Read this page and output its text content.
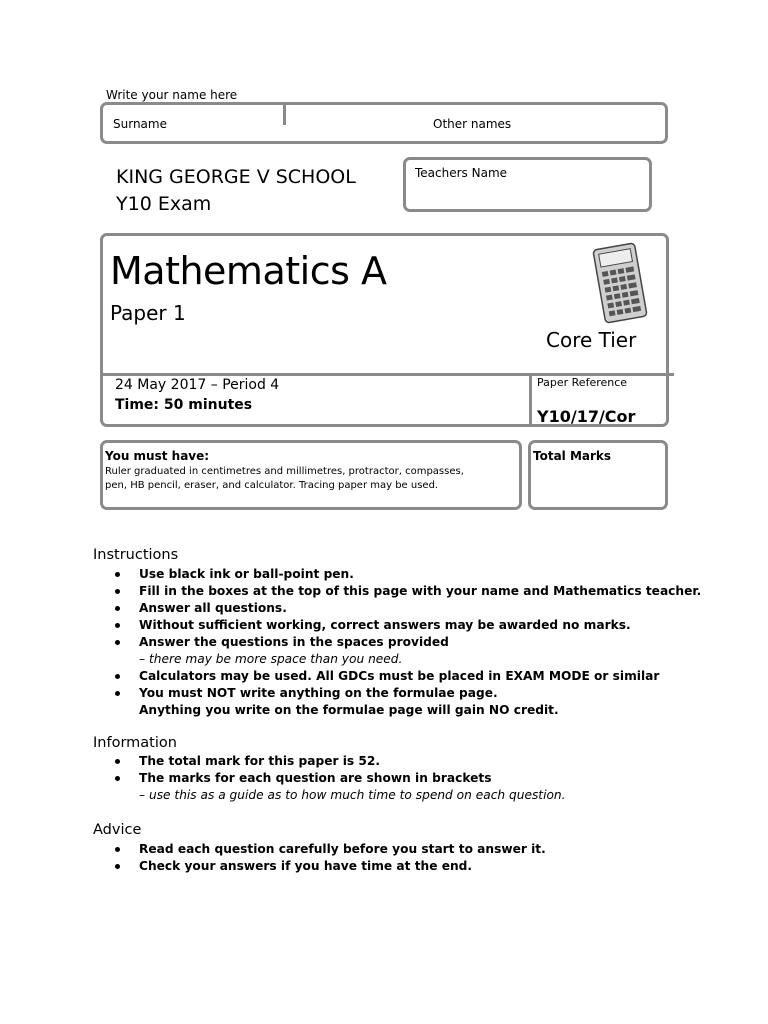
Write your name here
Surname	Other names
KING GEORGE V SCHOOL
Y10 Exam
Teachers Name
Mathematics A
Paper 1
Core Tier
24 May 2017 – Period 4
Time: 50 minutes
Paper Reference
Y10/17/Cor
You must have:
Ruler graduated in centimetres and millimetres, protractor, compasses,
pen, HB pencil, eraser, and calculator. Tracing paper may be used.
Total Marks
Instructions
Use black ink or ball-point pen.
Fill in the boxes at the top of this page with your name and Mathematics teacher.
Answer all questions.
Without sufficient working, correct answers may be awarded no marks.
Answer the questions in the spaces provided
– there may be more space than you need.
Calculators may be used. All GDCs must be placed in EXAM MODE or similar
You must NOT write anything on the formulae page.
Anything you write on the formulae page will gain NO credit.
Information
The total mark for this paper is 52.
The marks for each question are shown in brackets
– use this as a guide as to how much time to spend on each question.
Advice
Read each question carefully before you start to answer it.
Check your answers if you have time at the end.
